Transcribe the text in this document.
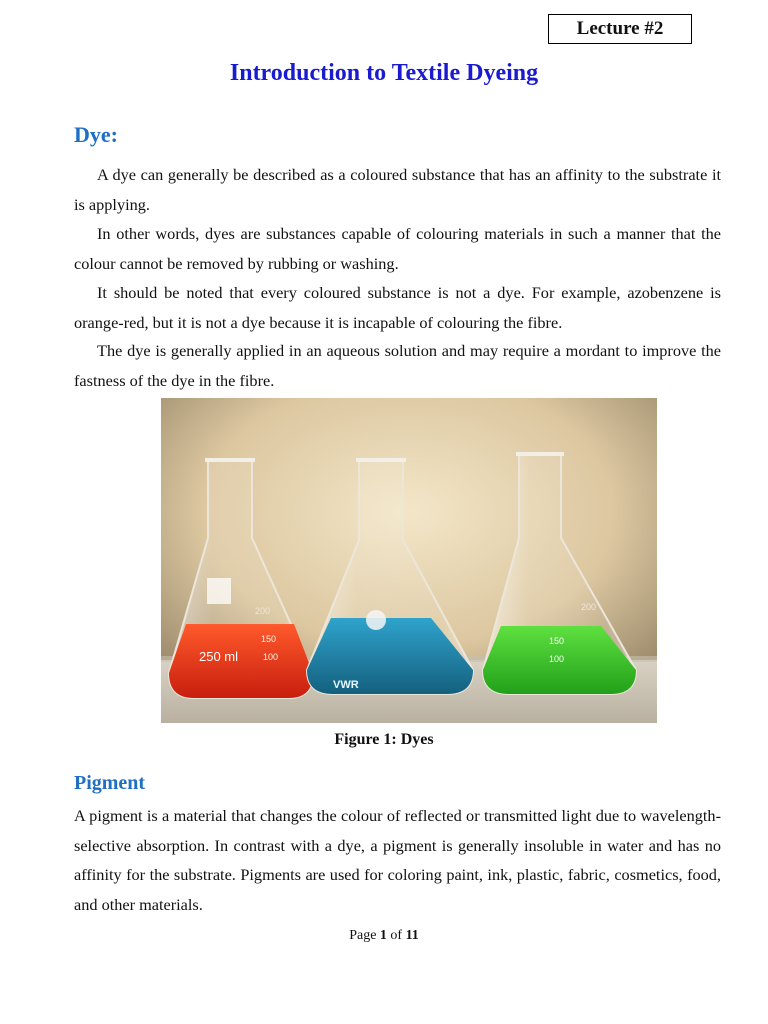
Lecture #2
Introduction to Textile Dyeing
Dye:
A dye can generally be described as a coloured substance that has an affinity to the substrate it is applying.
In other words, dyes are substances capable of colouring materials in such a manner that the colour cannot be removed by rubbing or washing.
It should be noted that every coloured substance is not a dye. For example, azobenzene is orange-red, but it is not a dye because it is incapable of colouring the fibre.
The dye is generally applied in an aqueous solution and may require a mordant to improve the fastness of the dye in the fibre.
250 ml
150
100
200
VWR
200
150
100
Figure 1: Dyes
Pigment
A pigment is a material that changes the colour of reflected or transmitted light due to wavelength-selective absorption. In contrast with a dye, a pigment is generally insoluble in water and has no affinity for the substrate. Pigments are used for coloring paint, ink, plastic, fabric, cosmetics, food, and other materials.
Page 1 of 11
